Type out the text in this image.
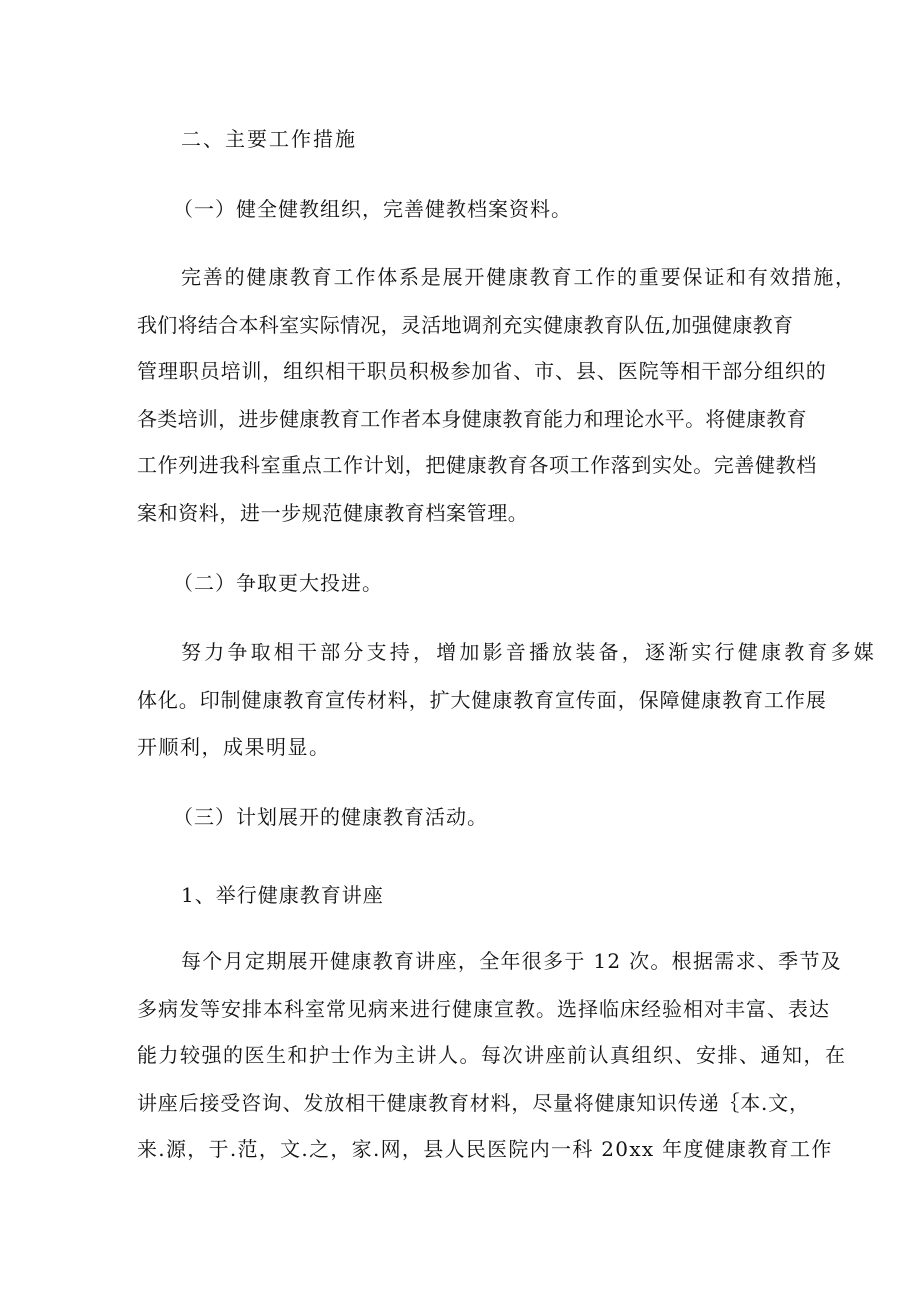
二、主要工作措施
（一）健全健教组织，完善健教档案资料。
完善的健康教育工作体系是展开健康教育工作的重要保证和有效措施，
我们将结合本科室实际情况，灵活地调剂充实健康教育队伍,加强健康教育
管理职员培训，组织相干职员积极参加省、市、县、医院等相干部分组织的
各类培训，进步健康教育工作者本身健康教育能力和理论水平。将健康教育
工作列进我科室重点工作计划，把健康教育各项工作落到实处。完善健教档
案和资料，进一步规范健康教育档案管理。
（二）争取更大投进。
努力争取相干部分支持，增加影音播放装备，逐渐实行健康教育多媒
体化。印制健康教育宣传材料，扩大健康教育宣传面，保障健康教育工作展
开顺利，成果明显。
（三）计划展开的健康教育活动。
1、举行健康教育讲座
每个月定期展开健康教育讲座，全年很多于 12 次。根据需求、季节及
多病发等安排本科室常见病来进行健康宣教。选择临床经验相对丰富、表达
能力较强的医生和护士作为主讲人。每次讲座前认真组织、安排、通知，在
讲座后接受咨询、发放相干健康教育材料，尽量将健康知识传递｛本.文，
来.源，于.范，文.之，家.网，县人民医院内一科 20xx 年度健康教育工作
